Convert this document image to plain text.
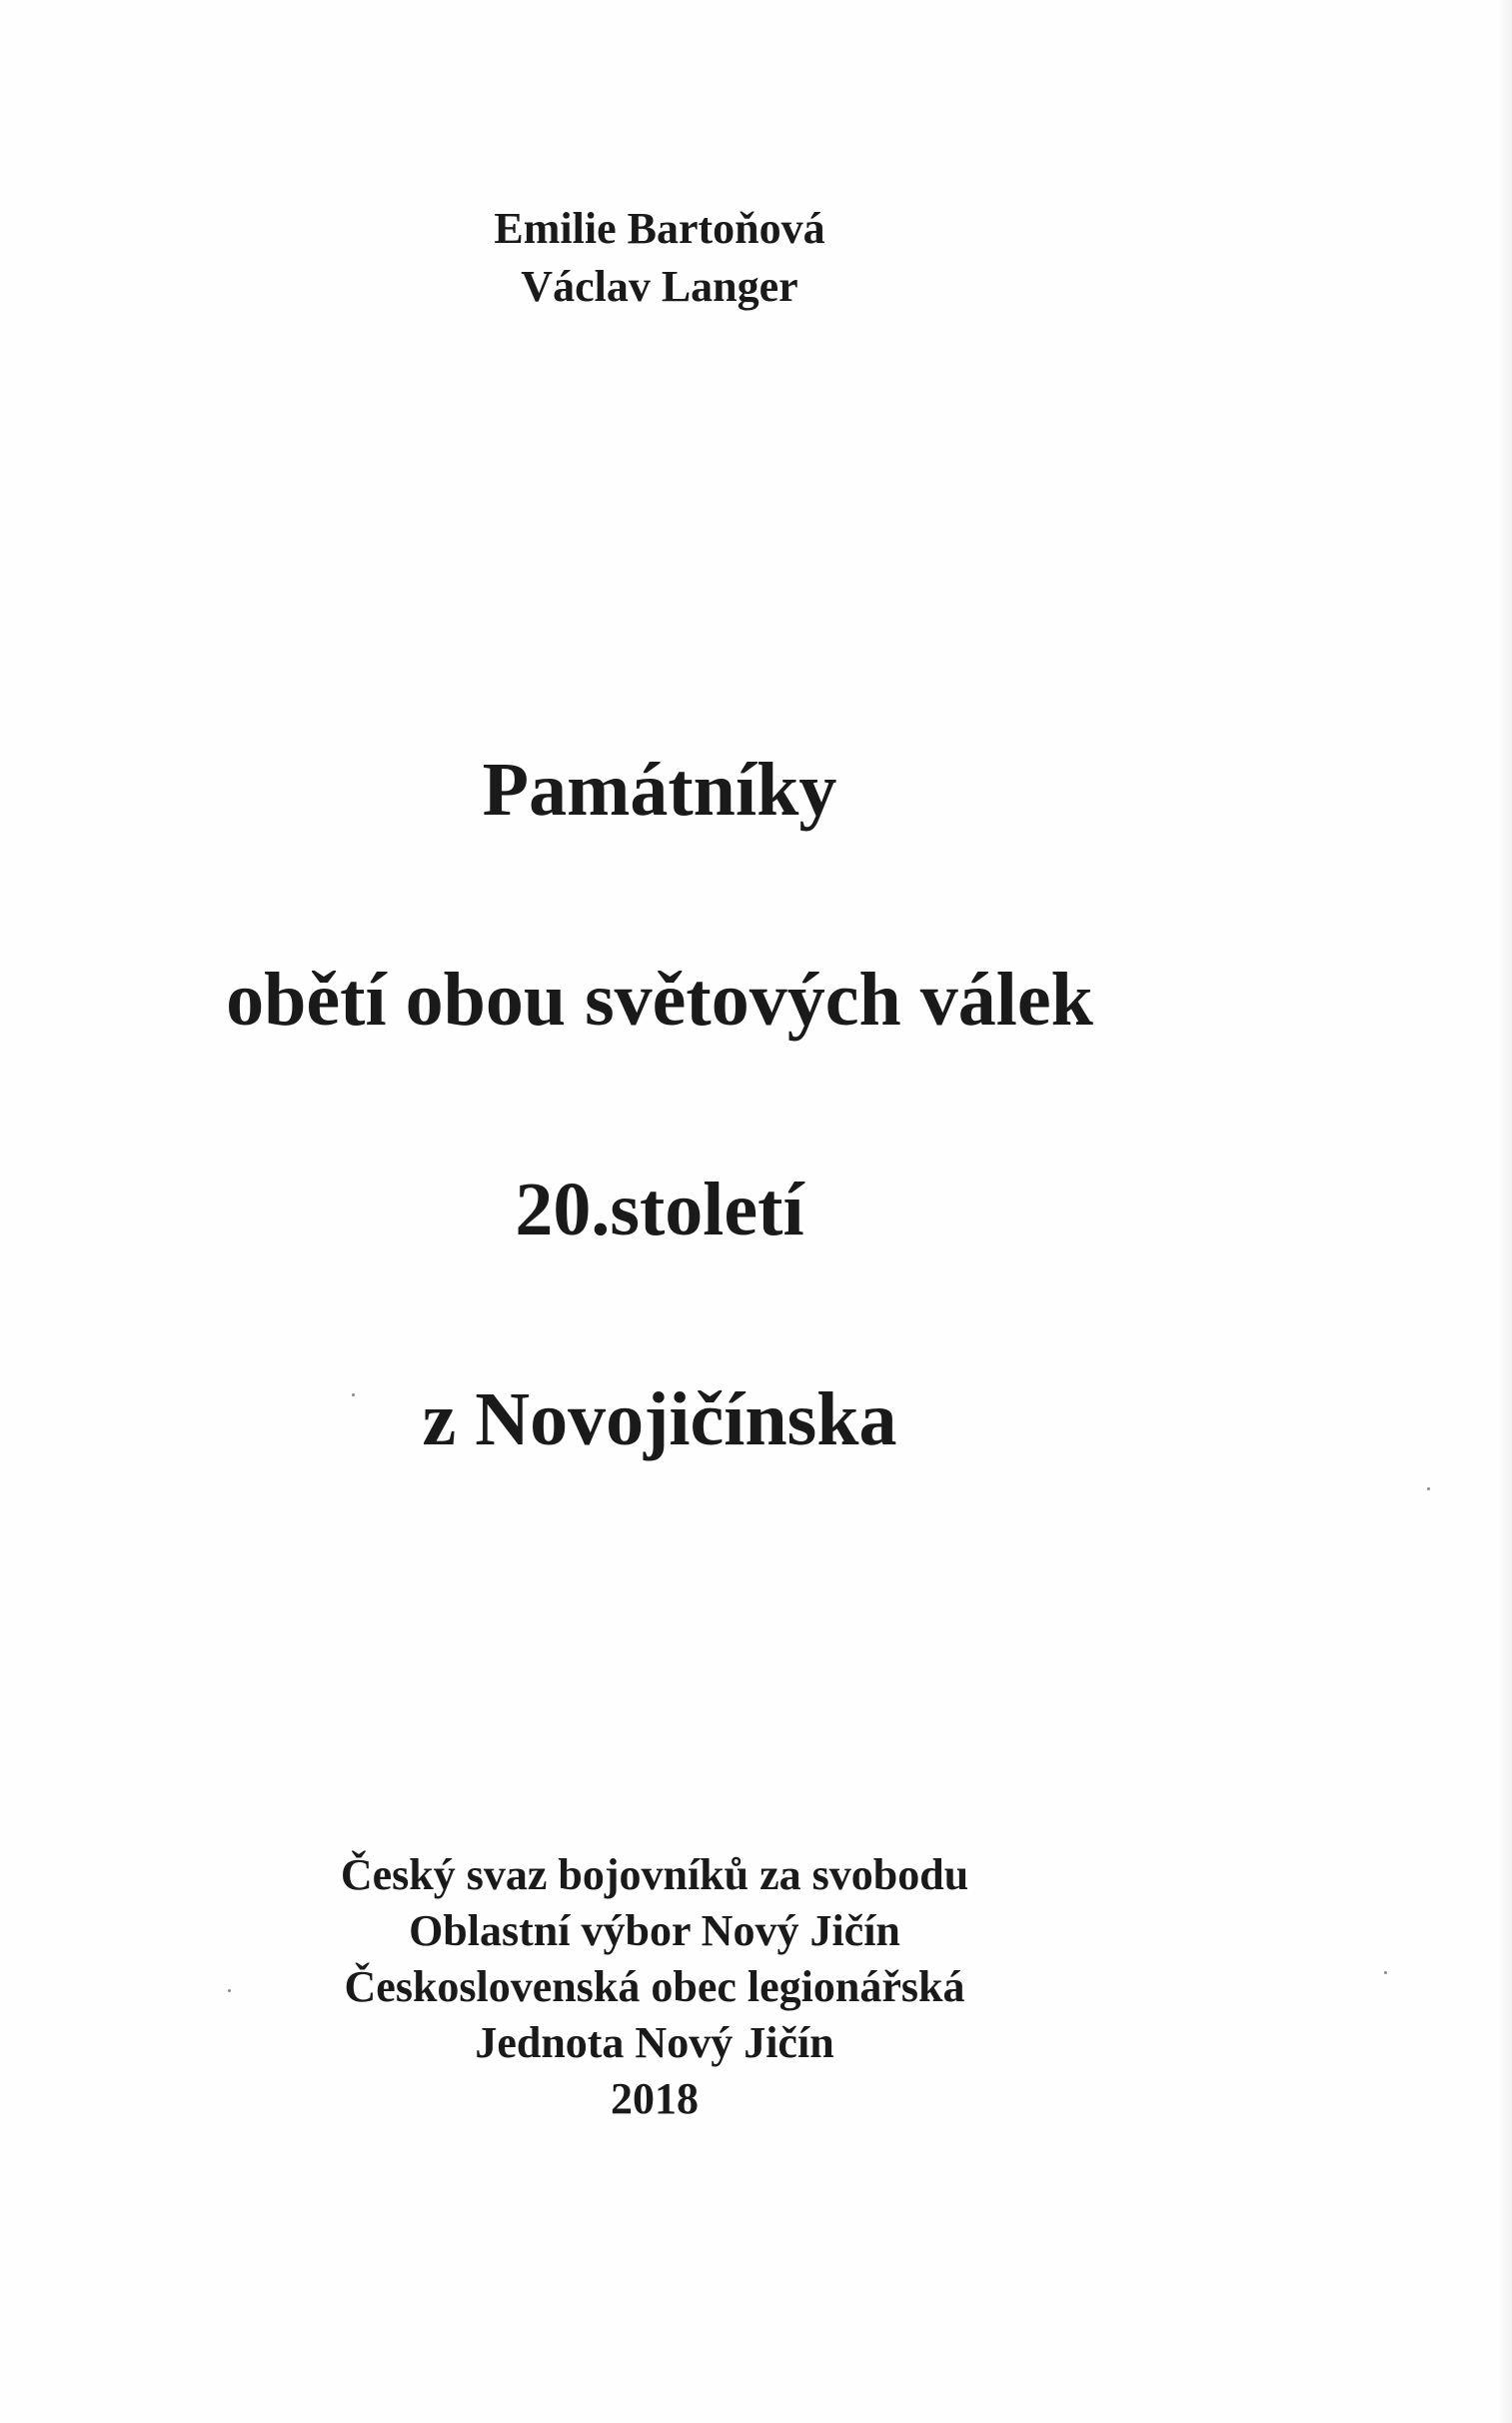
Emilie Bartoňová
Václav Langer
Památníky
obětí obou světových válek
20.století
z Novojičínska
Český svaz bojovníků za svobodu
Oblastní výbor Nový Jičín
Československá obec legionářská
Jednota Nový Jičín
2018
